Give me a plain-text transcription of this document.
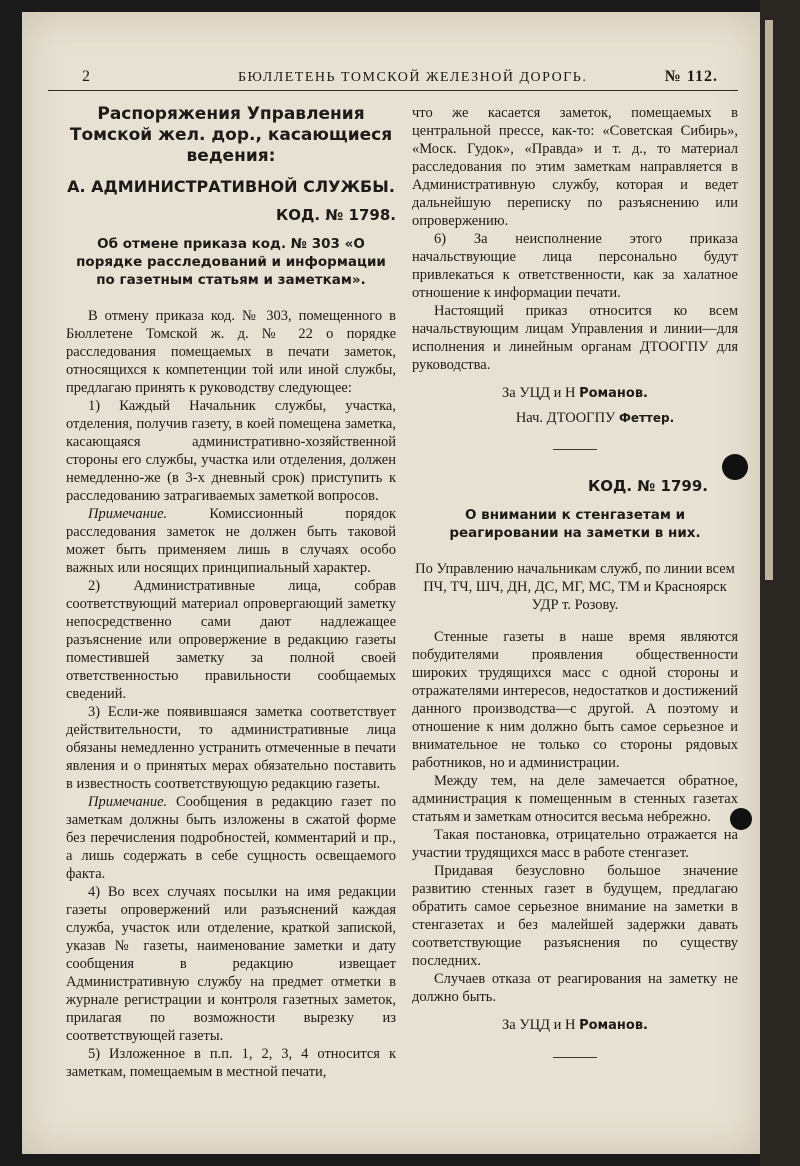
2	БЮЛЛЕТЕНЬ ТОМСКОЙ ЖЕЛЕЗНОЙ ДОРОГЬ.	№ 112.
Распоряжения Управления Томской жел. дор., касающиеся ведения:
А. АДМИНИСТРАТИВНОЙ СЛУЖБЫ.
КОД. № 1798.
Об отмене приказа код. № 303 «О порядке расследований и информации по газетным статьям и заметкам».

В отмену приказа код. № 303, помещенного в Бюллетене Томской ж. д. № 22 о порядке расследования помещаемых в печати заметок, относящихся к компетенции той или иной службы, предлагаю принять к руководству следующее:

1) Каждый Начальник службы, участка, отделения, получив газету, в коей помещена заметка, касающаяся административно-хозяйственной стороны его службы, участка или отделения, должен немедленно-же (в 3-х дневный срок) приступить к расследованию затрагиваемых заметкой вопросов.

Примечание. Комиссионный порядок расследования заметок не должен быть таковой может быть применяем лишь в случаях особо важных или носящих принципиальный характер.

2) Административные лица, собрав соответствующий материал опровергающий заметку непосредственно сами дают надлежащее разъяснение или опровержение в редакцию газеты поместившей заметку за полной своей ответственностью правильности сообщаемых сведений.

3) Если-же появившаяся заметка соответствует действительности, то административные лица обязаны немедленно устранить отмеченные в печати явления и о принятых мерах обязательно поставить в известность соответствующую редакцию газеты.

Примечание. Сообщения в редакцию газет по заметкам должны быть изложены в сжатой форме без перечисления подробностей, комментарий и пр., а лишь содержать в себе сущность освещаемого факта.

4) Во всех случаях посылки на имя редакции газеты опровержений или разъяснений каждая служба, участок или отделение, краткой запиской, указав № газеты, наименование заметки и дату сообщения в редакцию извещает Административную службу на предмет отметки в журнале регистрации и контроля газетных заметок, прилагая по возможности вырезку из соответствующей газеты.

5) Изложенное в п.п. 1, 2, 3, 4 относится к заметкам, помещаемым в местной печати,

что же касается заметок, помещаемых в центральной прессе, как-то: «Советская Сибирь», «Моск. Гудок», «Правда» и т. д., то материал расследования по этим заметкам направляется в Административную службу, которая и ведет дальнейшую переписку по разъяснению или опровержению.

6) За неисполнение этого приказа начальствующие лица персонально будут привлекаться к ответственности, как за халатное отношение к информации печати.

Настоящий приказ относится ко всем начальствующим лицам Управления и линии—для исполнения и линейным органам ДТООГПУ для руководства.

За УЦД и Н Романов.
Нач. ДТООГПУ Феттер.
КОД. № 1799.
О внимании к стенгазетам и реагировании на заметки в них.

По Управлению начальникам служб, по линии всем ПЧ, ТЧ, ШЧ, ДН, ДС, МГ, МС, ТМ и Красноярск УДР т. Розову.

Стенные газеты в наше время являются побудителями проявления общественности широких трудящихся масс с одной стороны и отражателями интересов, недостатков и достижений данного производства—с другой. А поэтому и отношение к ним должно быть самое серьезное и внимательное не только со стороны рядовых работников, но и администрации.

Между тем, на деле замечается обратное, администрация к помещенным в стенных газетах статьям и заметкам относится весьма небрежно.

Такая постановка, отрицательно отражается на участии трудящихся масс в работе стенгазет.

Придавая безусловно большое значение развитию стенных газет в будущем, предлагаю обратить самое серьезное внимание на заметки в стенгазетах и без малейшей задержки давать соответствующие разъяснения по существу последних.

Случаев отказа от реагирования на заметку не должно быть.

За УЦД и Н Романов.
